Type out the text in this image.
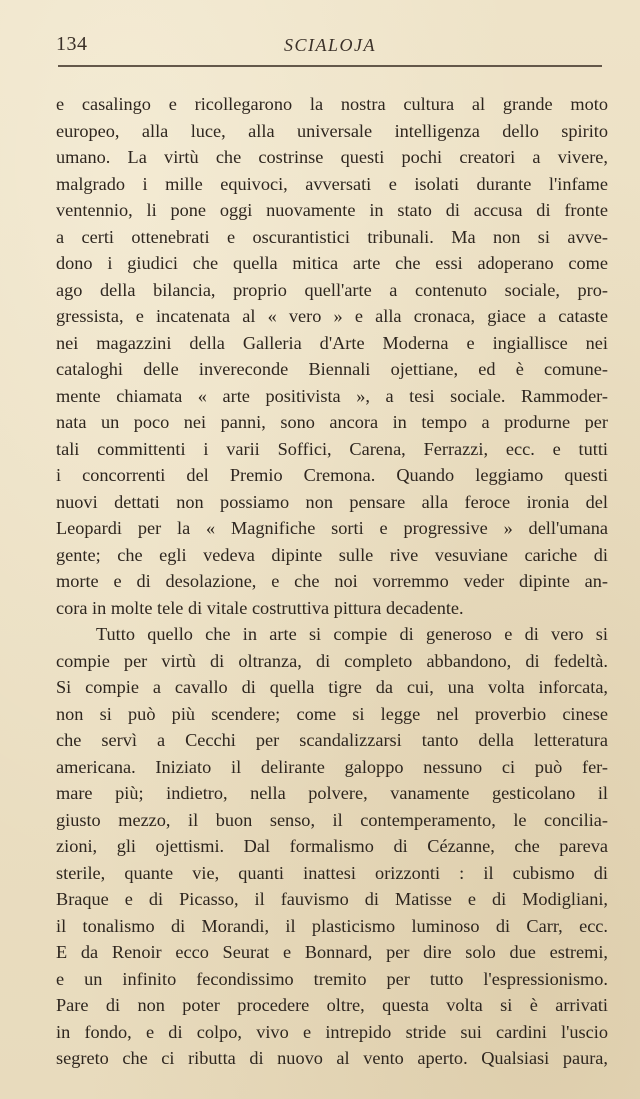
134	SCIALOJA
e casalingo e ricollegarono la nostra cultura al grande moto
europeo, alla luce, alla universale intelligenza dello spirito
umano. La virtù che costrinse questi pochi creatori a vivere,
malgrado i mille equivoci, avversati e isolati durante l'infame
ventennio, li pone oggi nuovamente in stato di accusa di fronte
a certi ottenebrati e oscurantistici tribunali. Ma non si avve-
dono i giudici che quella mitica arte che essi adoperano come
ago della bilancia, proprio quell'arte a contenuto sociale, pro-
gressista, e incatenata al « vero » e alla cronaca, giace a cataste
nei magazzini della Galleria d'Arte Moderna e ingiallisce nei
cataloghi delle invereconde Biennali ojettiane, ed è comune-
mente chiamata « arte positivista », a tesi sociale. Rammoder-
nata un poco nei panni, sono ancora in tempo a produrne per
tali committenti i varii Soffici, Carena, Ferrazzi, ecc. e tutti
i concorrenti del Premio Cremona. Quando leggiamo questi
nuovi dettati non possiamo non pensare alla feroce ironia del
Leopardi per la « Magnifiche sorti e progressive » dell'umana
gente; che egli vedeva dipinte sulle rive vesuviane cariche di
morte e di desolazione, e che noi vorremmo veder dipinte an-
cora in molte tele di vitale costruttiva pittura decadente.
Tutto quello che in arte si compie di generoso e di vero si
compie per virtù di oltranza, di completo abbandono, di fedeltà.
Si compie a cavallo di quella tigre da cui, una volta inforcata,
non si può più scendere; come si legge nel proverbio cinese
che servì a Cecchi per scandalizzarsi tanto della letteratura
americana. Iniziato il delirante galoppo nessuno ci può fer-
mare più; indietro, nella polvere, vanamente gesticolano il
giusto mezzo, il buon senso, il contemperamento, le concilia-
zioni, gli ojettismi. Dal formalismo di Cézanne, che pareva
sterile, quante vie, quanti inattesi orizzonti : il cubismo di
Braque e di Picasso, il fauvismo di Matisse e di Modigliani,
il tonalismo di Morandi, il plasticismo luminoso di Carr, ecc.
E da Renoir ecco Seurat e Bonnard, per dire solo due estremi,
e un infinito fecondissimo tremito per tutto l'espressionismo.
Pare di non poter procedere oltre, questa volta si è arrivati
in fondo, e di colpo, vivo e intrepido stride sui cardini l'uscio
segreto che ci ributta di nuovo al vento aperto. Qualsiasi paura,
